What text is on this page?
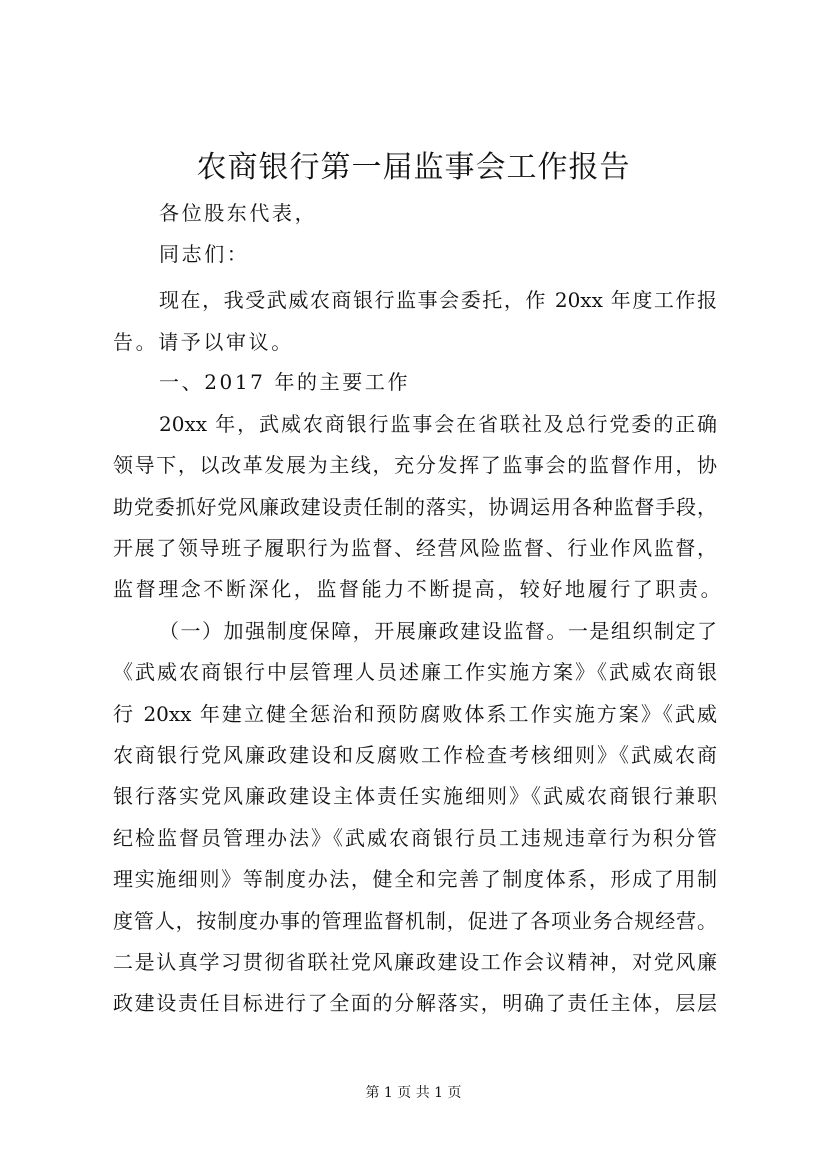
农商银行第一届监事会工作报告
各位股东代表，
同志们：
现在，我受武威农商银行监事会委托，作 20xx 年度工作报
告。请予以审议。
一、2017 年的主要工作
20xx 年，武威农商银行监事会在省联社及总行党委的正确
领导下，以改革发展为主线，充分发挥了监事会的监督作用，协
助党委抓好党风廉政建设责任制的落实，协调运用各种监督手段，
开展了领导班子履职行为监督、经营风险监督、行业作风监督，
监督理念不断深化，监督能力不断提高，较好地履行了职责。
（一）加强制度保障，开展廉政建设监督。一是组织制定了
《武威农商银行中层管理人员述廉工作实施方案》《武威农商银
行 20xx 年建立健全惩治和预防腐败体系工作实施方案》《武威
农商银行党风廉政建设和反腐败工作检查考核细则》《武威农商
银行落实党风廉政建设主体责任实施细则》《武威农商银行兼职
纪检监督员管理办法》《武威农商银行员工违规违章行为积分管
理实施细则》等制度办法，健全和完善了制度体系，形成了用制
度管人，按制度办事的管理监督机制，促进了各项业务合规经营。
二是认真学习贯彻省联社党风廉政建设工作会议精神，对党风廉
政建设责任目标进行了全面的分解落实，明确了责任主体，层层
第 1 页 共 1 页
